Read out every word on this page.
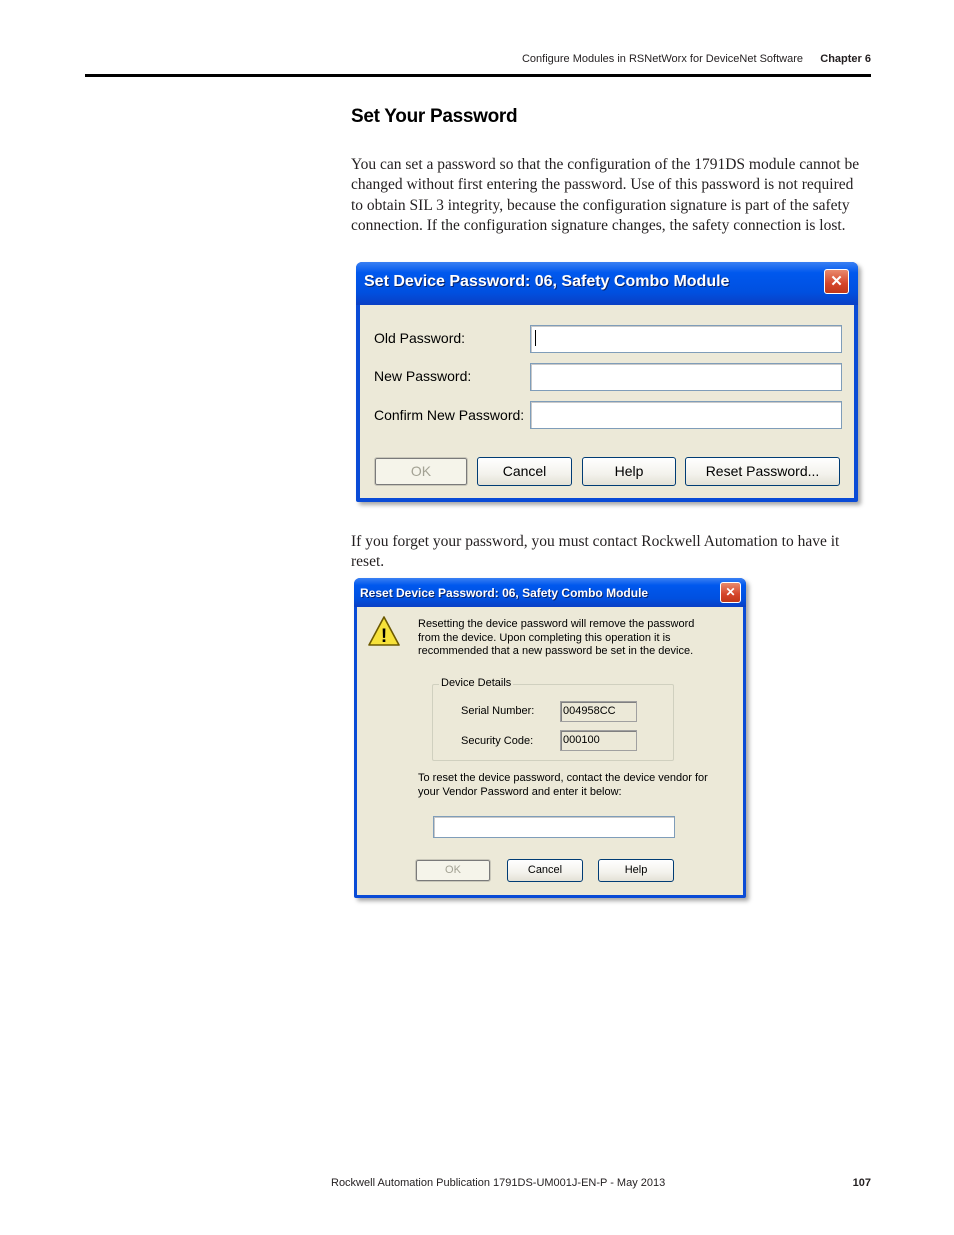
Configure Modules in RSNetWorx for DeviceNet Software Chapter 6
Set Your Password
You can set a password so that the configuration of the 1791DS module cannot be changed without first entering the password. Use of this password is not required to obtain SIL 3 integrity, because the configuration signature is part of the safety connection. If the configuration signature changes, the safety connection is lost.
Set Device Password: 06, Safety Combo Module	✕
Old Password:
New Password:
Confirm New Password:
OK	Cancel	Help	Reset Password...
If you forget your password, you must contact Rockwell Automation to have it reset.
Reset Device Password: 06, Safety Combo Module	✕
!
Resetting the device password will remove the password from the device. Upon completing this operation it is recommended that a new password be set in the device.
Device Details
Serial Number:	004958CC
Security Code:	000100
To reset the device password, contact the device vendor for your Vendor Password and enter it below:
OK	Cancel	Help
Rockwell Automation Publication 1791DS-UM001J-EN-P - May 2013	107
